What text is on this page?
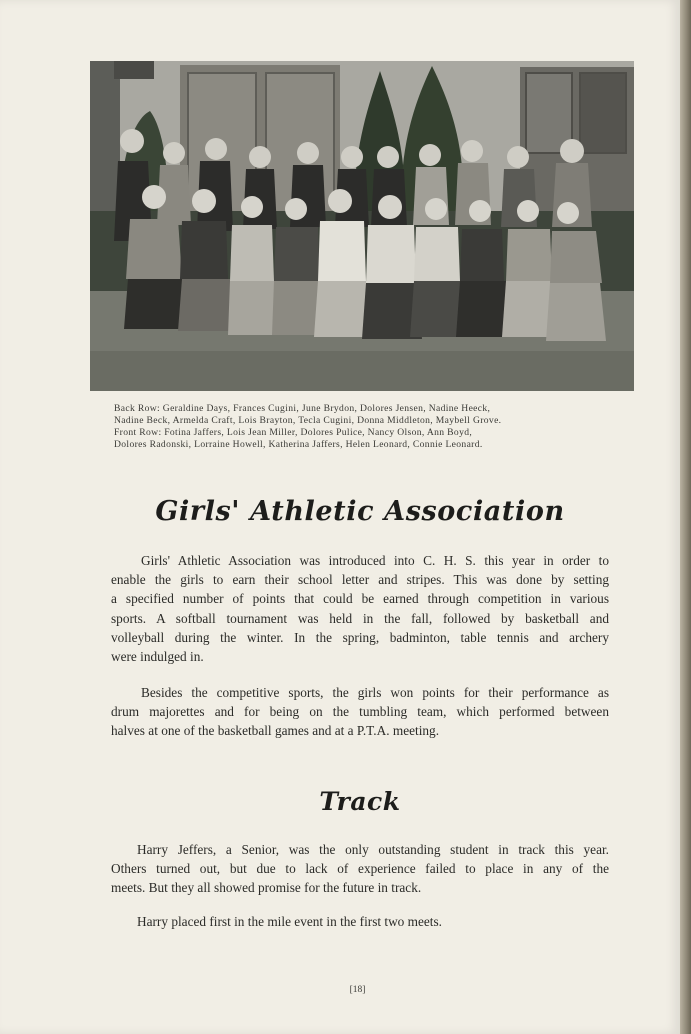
Back Row: Geraldine Days, Frances Cugini, June Brydon, Dolores Jensen, Nadine Heeck,
Nadine Beck, Armelda Craft, Lois Brayton, Tecla Cugini, Donna Middleton, Maybell Grove.
Front Row: Fotina Jaffers, Lois Jean Miller, Dolores Pulice, Nancy Olson, Ann Boyd,
Dolores Radonski, Lorraine Howell, Katherina Jaffers, Helen Leonard, Connie Leonard.
Girls' Athletic Association
Girls' Athletic Association was introduced into C. H. S. this year in order to
enable the girls to earn their school letter and stripes. This was done by setting
a specified number of points that could be earned through competition in various
sports. A softball tournament was held in the fall, followed by basketball and
volleyball during the winter. In the spring, badminton, table tennis and archery
were indulged in.
Besides the competitive sports, the girls won points for their performance as
drum majorettes and for being on the tumbling team, which performed between
halves at one of the basketball games and at a P.T.A. meeting.
Track
Harry Jeffers, a Senior, was the only outstanding student in track this year.
Others turned out, but due to lack of experience failed to place in any of the
meets. But they all showed promise for the future in track.
Harry placed first in the mile event in the first two meets.
[18]
